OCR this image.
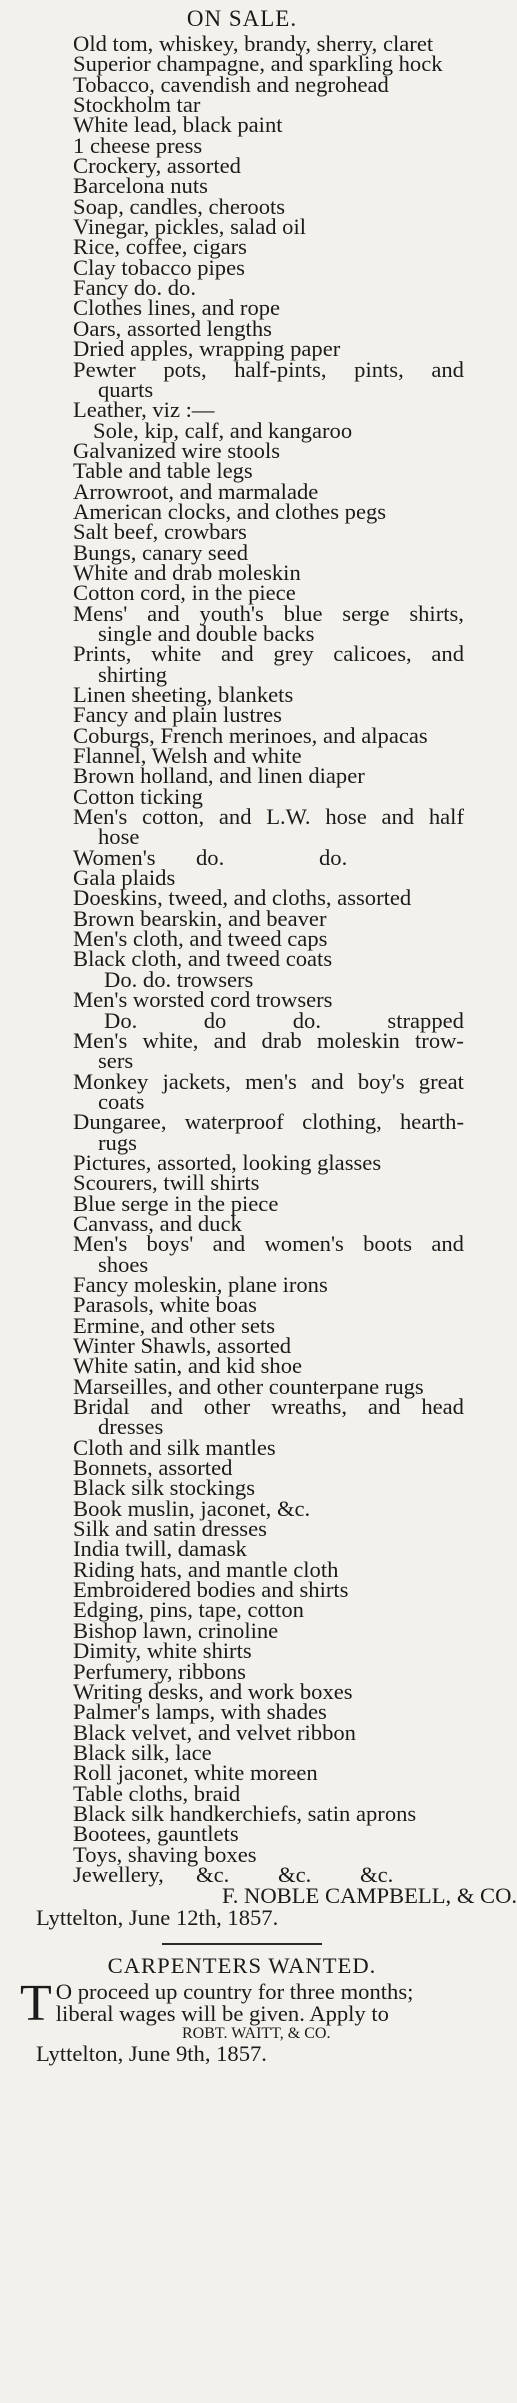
ON SALE.
Old tom, whiskey, brandy, sherry, claret
Superior champagne, and sparkling hock
Tobacco, cavendish and negrohead
Stockholm tar
White lead, black paint
1 cheese press
Crockery, assorted
Barcelona nuts
Soap, candles, cheroots
Vinegar, pickles, salad oil
Rice, coffee, cigars
Clay tobacco pipes
Fancy do. do.
Clothes lines, and rope
Oars, assorted lengths
Dried apples, wrapping paper
Pewter pots, half-pints, pints, and
quarts
Leather, viz :—
Sole, kip, calf, and kangaroo
Galvanized wire stools
Table and table legs
Arrowroot, and marmalade
American clocks, and clothes pegs
Salt beef, crowbars
Bungs, canary seed
White and drab moleskin
Cotton cord, in the piece
Mens' and youth's blue serge shirts,
single and double backs
Prints, white and grey calicoes, and
shirting
Linen sheeting, blankets
Fancy and plain lustres
Coburgs, French merinoes, and alpacas
Flannel, Welsh and white
Brown holland, and linen diaper
Cotton ticking
Men's cotton, and L.W. hose and half
hose
Women's	do.	do.
Gala plaids
Doeskins, tweed, and cloths, assorted
Brown bearskin, and beaver
Men's cloth, and tweed caps
Black cloth, and tweed coats
Do. do. trowsers
Men's worsted cord trowsers
Do.	do	do.	strapped
Men's white, and drab moleskin trow-
sers
Monkey jackets, men's and boy's great
coats
Dungaree, waterproof clothing, hearth-
rugs
Pictures, assorted, looking glasses
Scourers, twill shirts
Blue serge in the piece
Canvass, and duck
Men's boys' and women's boots and
shoes
Fancy moleskin, plane irons
Parasols, white boas
Ermine, and other sets
Winter Shawls, assorted
White satin, and kid shoe
Marseilles, and other counterpane rugs
Bridal and other wreaths, and head
dresses
Cloth and silk mantles
Bonnets, assorted
Black silk stockings
Book muslin, jaconet, &c.
Silk and satin dresses
India twill, damask
Riding hats, and mantle cloth
Embroidered bodies and shirts
Edging, pins, tape, cotton
Bishop lawn, crinoline
Dimity, white shirts
Perfumery, ribbons
Writing desks, and work boxes
Palmer's lamps, with shades
Black velvet, and velvet ribbon
Black silk, lace
Roll jaconet, white moreen
Table cloths, braid
Black silk handkerchiefs, satin aprons
Bootees, gauntlets
Toys, shaving boxes
Jewellery,	&c.	&c.	&c.
F. NOBLE CAMPBELL, & CO.
Lyttelton, June 12th, 1857.
CARPENTERS WANTED.
T O proceed up country for three months;
liberal wages will be given. Apply to
ROBT. WAITT, & CO.
Lyttelton, June 9th, 1857.
